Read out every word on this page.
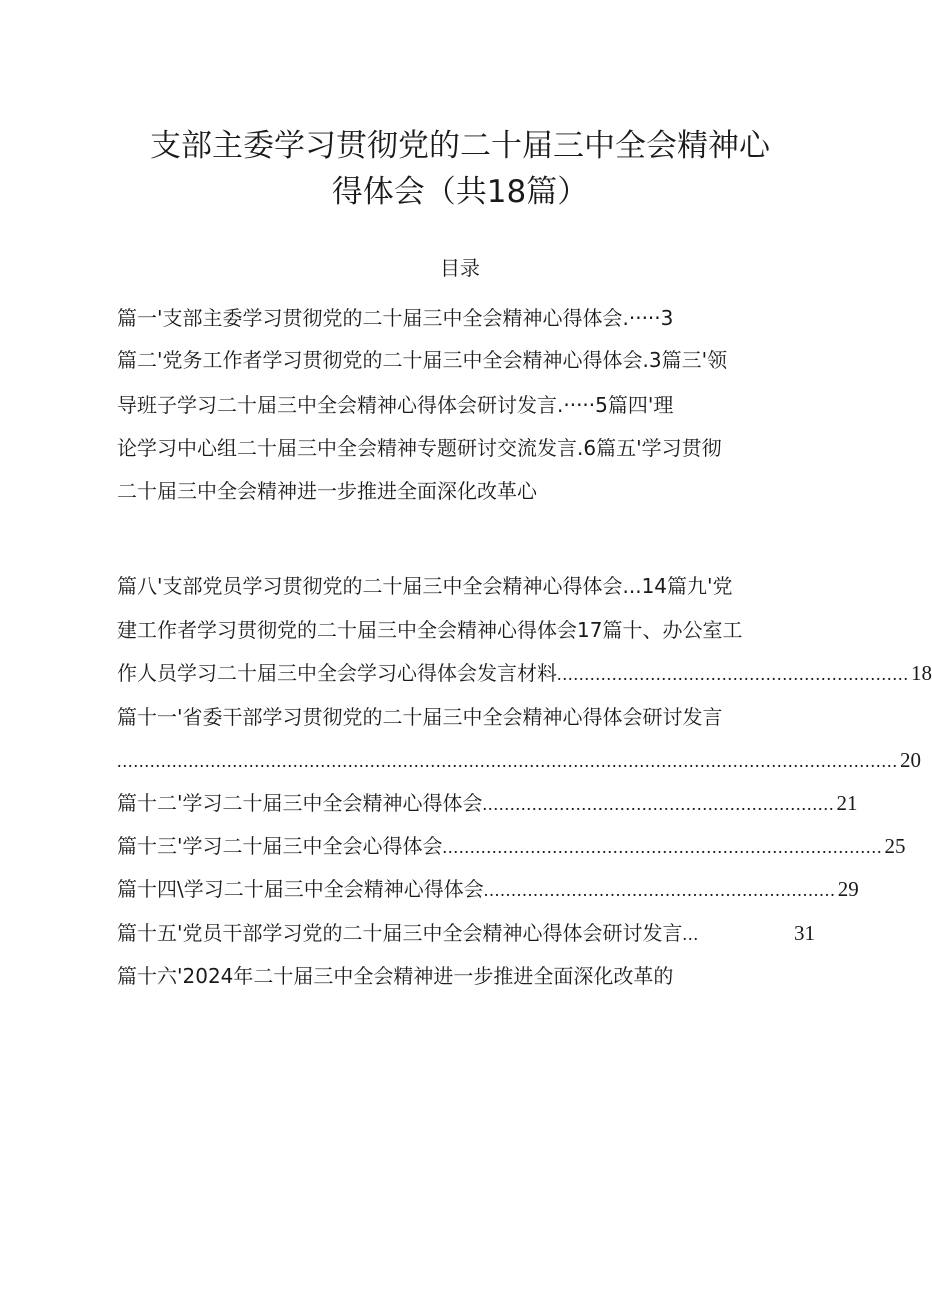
支部主委学习贯彻党的二十届三中全会精神心
得体会（共18篇）
目录
篇一'支部主委学习贯彻党的二十届三中全会精神心得体会.·····3
篇二'党务工作者学习贯彻党的二十届三中全会精神心得体会.3篇三'领
导班子学习二十届三中全会精神心得体会研讨发言.·····5篇四'理
论学习中心组二十届三中全会精神专题研讨交流发言.6篇五'学习贯彻
二十届三中全会精神进一步推进全面深化改革心
篇八'支部党员学习贯彻党的二十届三中全会精神心得体会...14篇九'党
建工作者学习贯彻党的二十届三中全会精神心得体会17篇十、办公室工
作人员学习二十届三中全会学习心得体会发言材料 ................................................................ 18
篇十一'省委干部学习贯彻党的二十届三中全会精神心得体会研讨发言
.............................................................................................................................................. 20
篇十二'学习二十届三中全会精神心得体会 ................................................................ 21
篇十三'学习二十届三中全会心得体会 ................................................................................ 25
篇十四\学习二十届三中全会精神心得体会 ................................................................ 29
篇十五'党员干部学习党的二十届三中全会精神心得体会研讨发言 ...	31
篇十六'2024年二十届三中全会精神进一步推进全面深化改革的
